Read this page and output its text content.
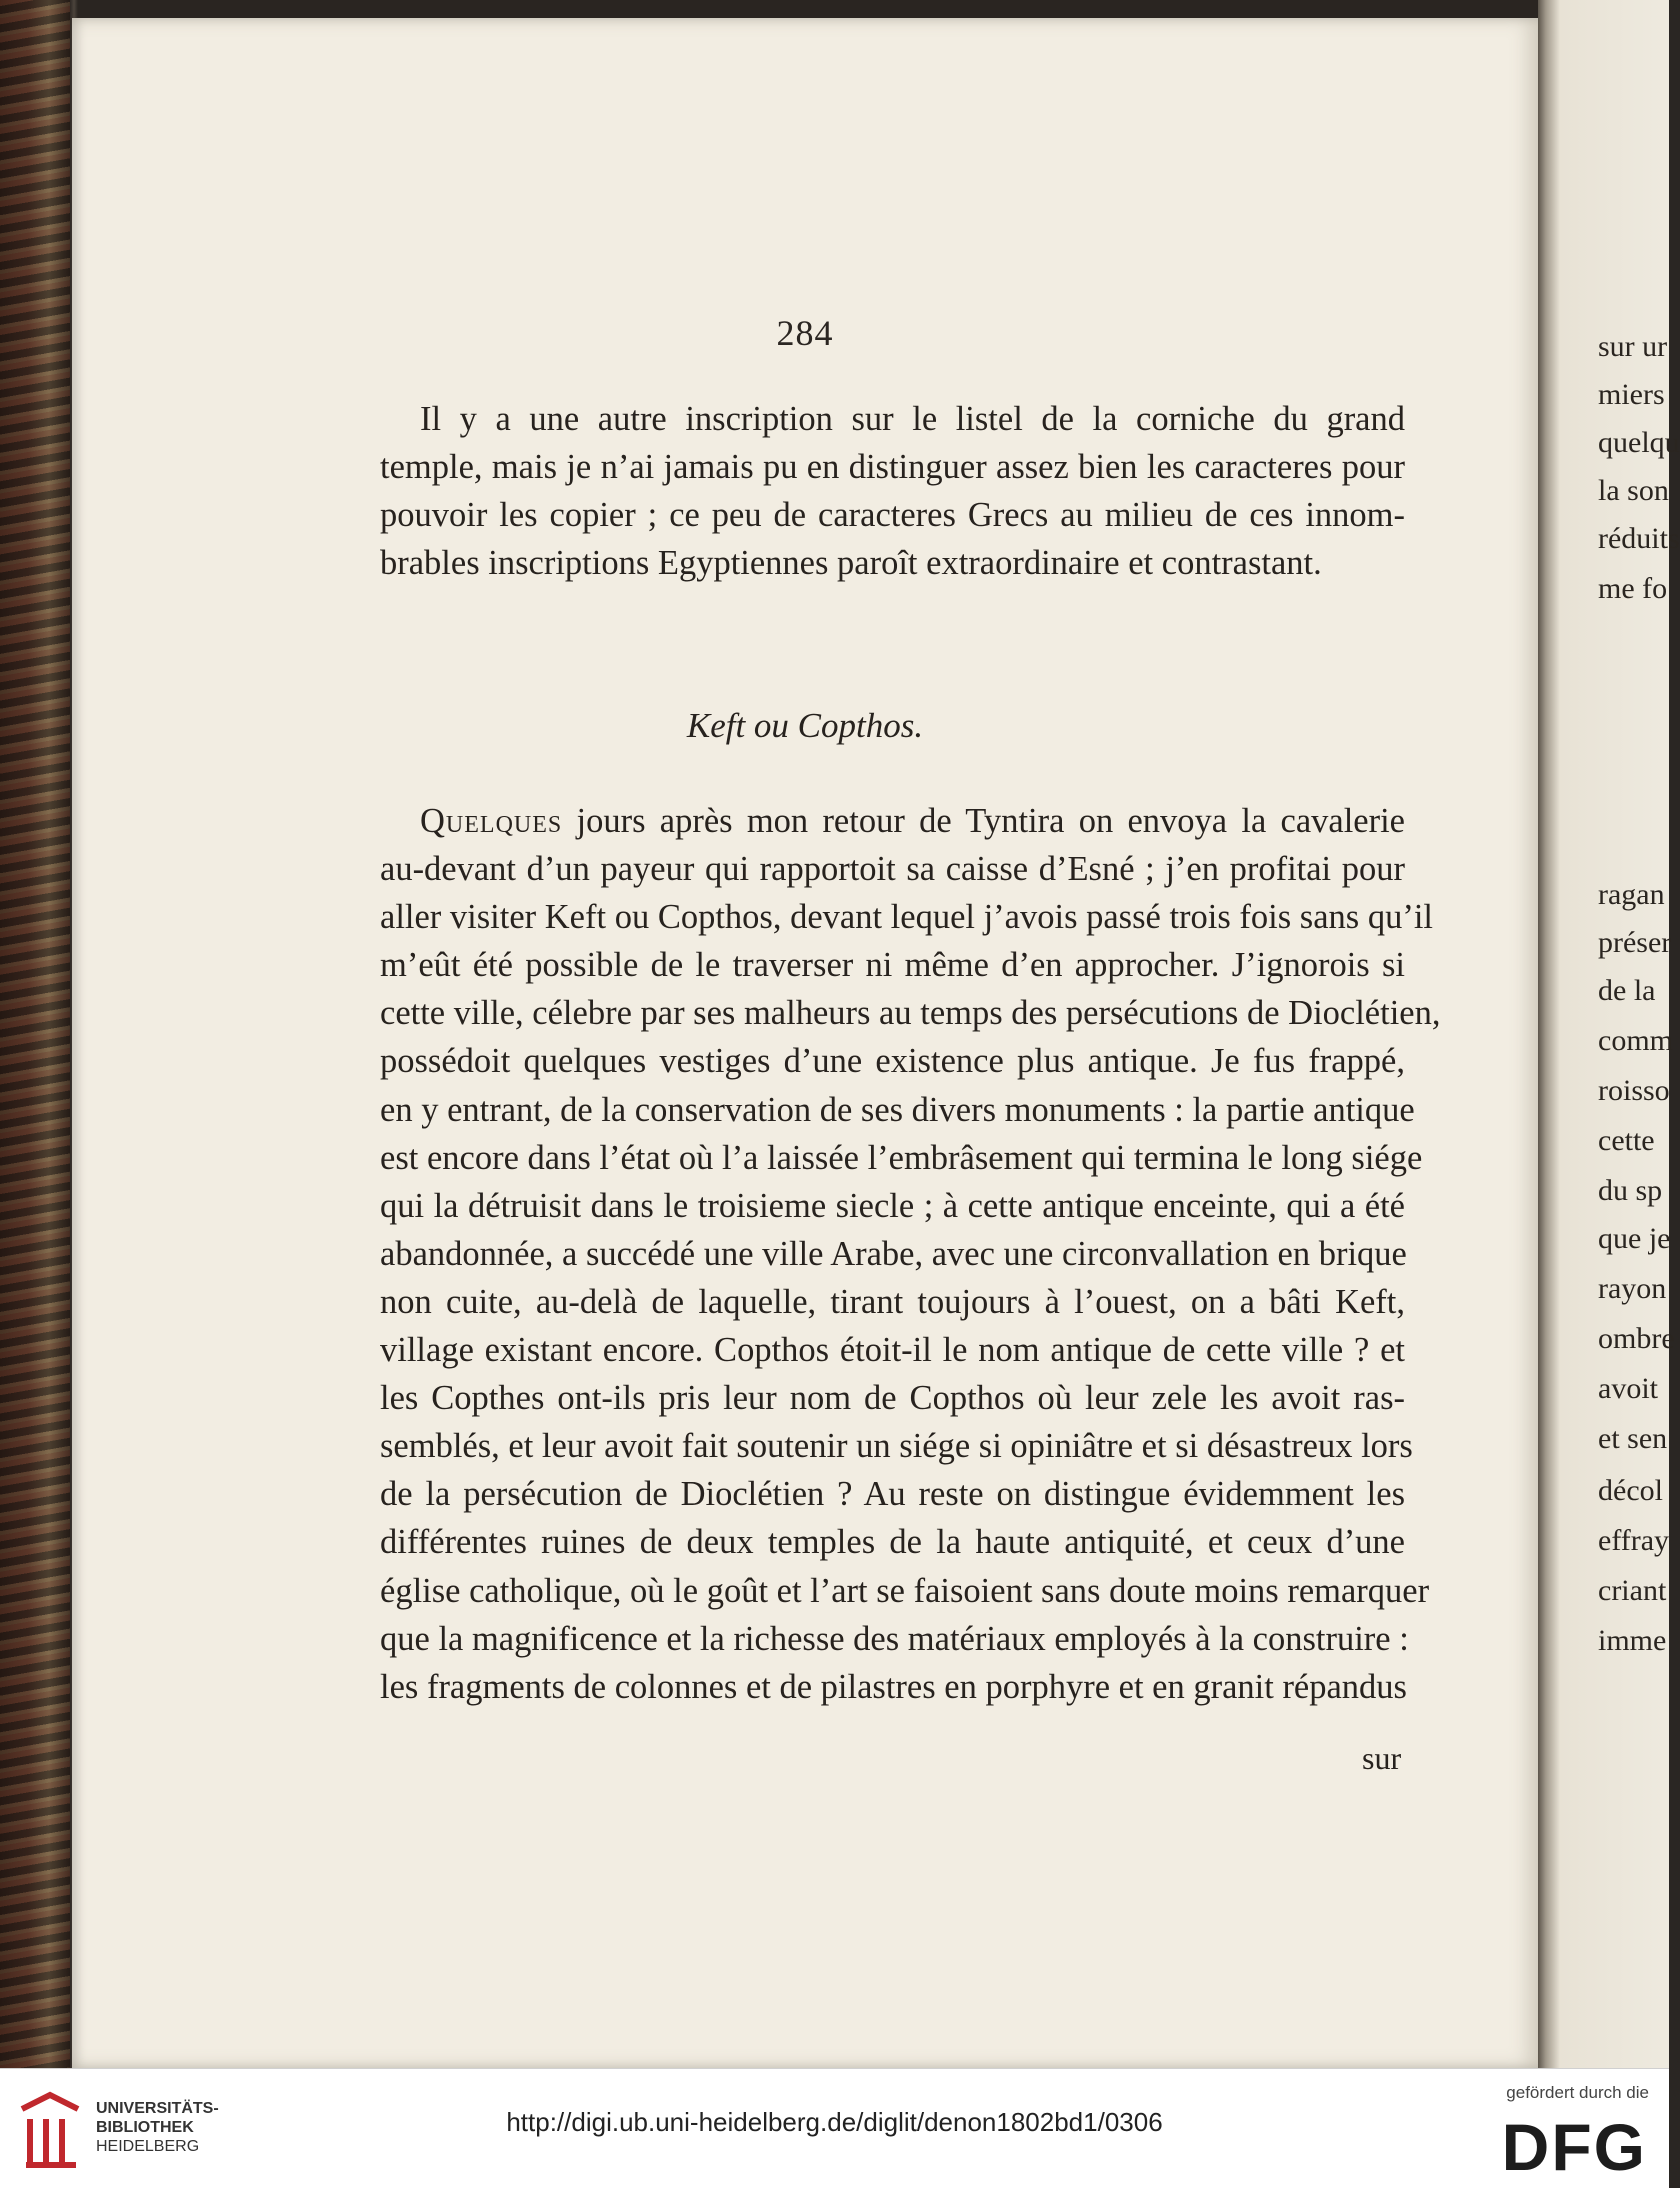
284
Il y a une autre inscription sur le listel de la corniche du grand
temple, mais je n’ai jamais pu en distinguer assez bien les caracteres pour
pouvoir les copier ; ce peu de caracteres Grecs au milieu de ces innom-
brables inscriptions Egyptiennes paroît extraordinaire et contrastant.
Keft ou Copthos.
Quelques jours après mon retour de Tyntira on envoya la cavalerie
au-devant d’un payeur qui rapportoit sa caisse d’Esné ; j’en profitai pour
aller visiter Keft ou Copthos, devant lequel j’avois passé trois fois sans qu’il
m’eût été possible de le traverser ni même d’en approcher. J’ignorois si
cette ville, célebre par ses malheurs au temps des persécutions de Dioclétien,
possédoit quelques vestiges d’une existence plus antique. Je fus frappé,
en y entrant, de la conservation de ses divers monuments : la partie antique
est encore dans l’état où l’a laissée l’embrâsement qui termina le long siége
qui la détruisit dans le troisieme siecle ; à cette antique enceinte, qui a été
abandonnée, a succédé une ville Arabe, avec une circonvallation en brique
non cuite, au-delà de laquelle, tirant toujours à l’ouest, on a bâti Keft,
village existant encore. Copthos étoit-il le nom antique de cette ville ? et
les Copthes ont-ils pris leur nom de Copthos où leur zele les avoit ras-
semblés, et leur avoit fait soutenir un siége si opiniâtre et si désastreux lors
de la persécution de Dioclétien ? Au reste on distingue évidemment les
différentes ruines de deux temples de la haute antiquité, et ceux d’une
église catholique, où le goût et l’art se faisoient sans doute moins remarquer
que la magnificence et la richesse des matériaux employés à la construire :
les fragments de colonnes et de pilastres en porphyre et en granit répandus
sur
sur ur
miers
quelqu
la son
réduits
me fo
ragan
préser
de la
comm
roisso
cette
du sp
que je
rayon
ombre
avoit
et sen
décol
effray
criant
imme
UNIVERSITÄTS-
BIBLIOTHEK
HEIDELBERG
http://digi.ub.uni-heidelberg.de/diglit/denon1802bd1/0306
gefördert durch die
DFG
